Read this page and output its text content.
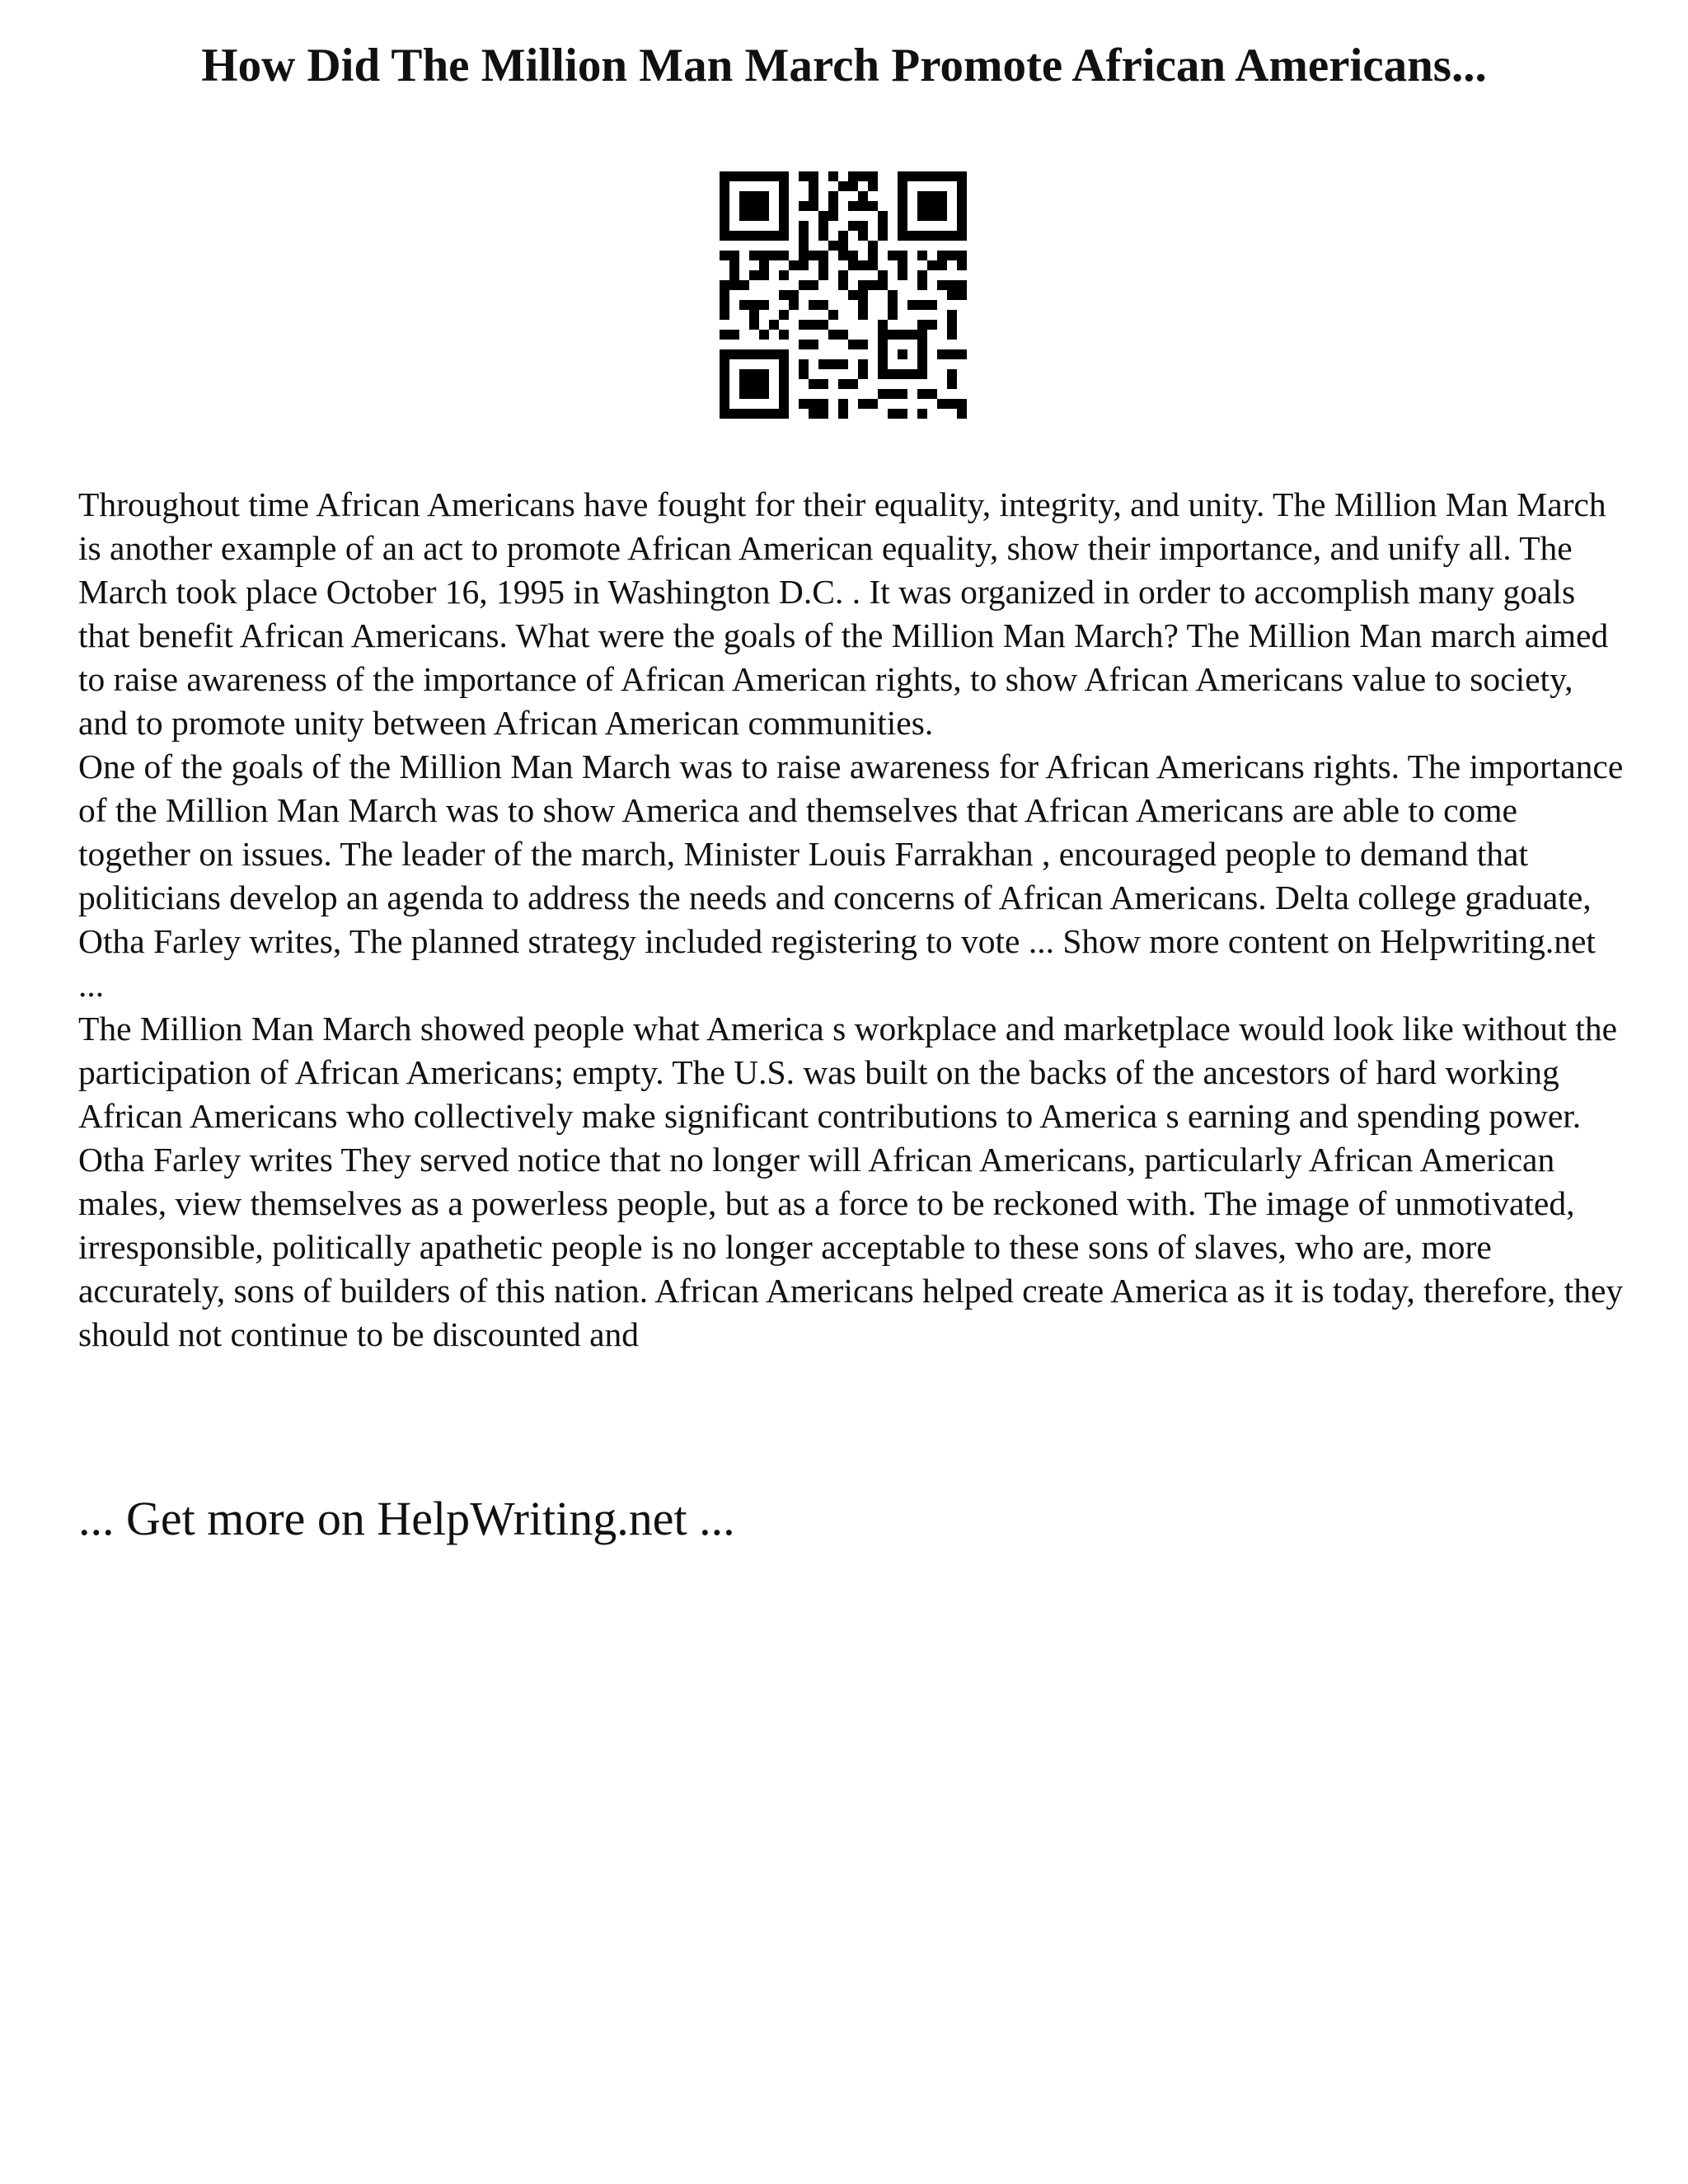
How Did The Million Man March Promote African Americans...

Throughout time African Americans have fought for their equality, integrity, and unity. The Million Man March is another example of an act to promote African American equality, show their importance, and unify all. The March took place October 16, 1995 in Washington D.C. . It was organized in order to accomplish many goals that benefit African Americans. What were the goals of the Million Man March? The Million Man march aimed to raise awareness of the importance of African American rights, to show African Americans value to society, and to promote unity between African American communities.

One of the goals of the Million Man March was to raise awareness for African Americans rights. The importance of the Million Man March was to show America and themselves that African Americans are able to come together on issues. The leader of the march, Minister Louis Farrakhan , encouraged people to demand that politicians develop an agenda to address the needs and concerns of African Americans. Delta college graduate, Otha Farley writes, The planned strategy included registering to vote ... Show more content on Helpwriting.net ...

The Million Man March showed people what America s workplace and marketplace would look like without the participation of African Americans; empty. The U.S. was built on the backs of the ancestors of hard working African Americans who collectively make significant contributions to America s earning and spending power. Otha Farley writes They served notice that no longer will African Americans, particularly African American males, view themselves as a powerless people, but as a force to be reckoned with. The image of unmotivated, irresponsible, politically apathetic people is no longer acceptable to these sons of slaves, who are, more accurately, sons of builders of this nation. African Americans helped create America as it is today, therefore, they should not continue to be discounted and

... Get more on HelpWriting.net ...
